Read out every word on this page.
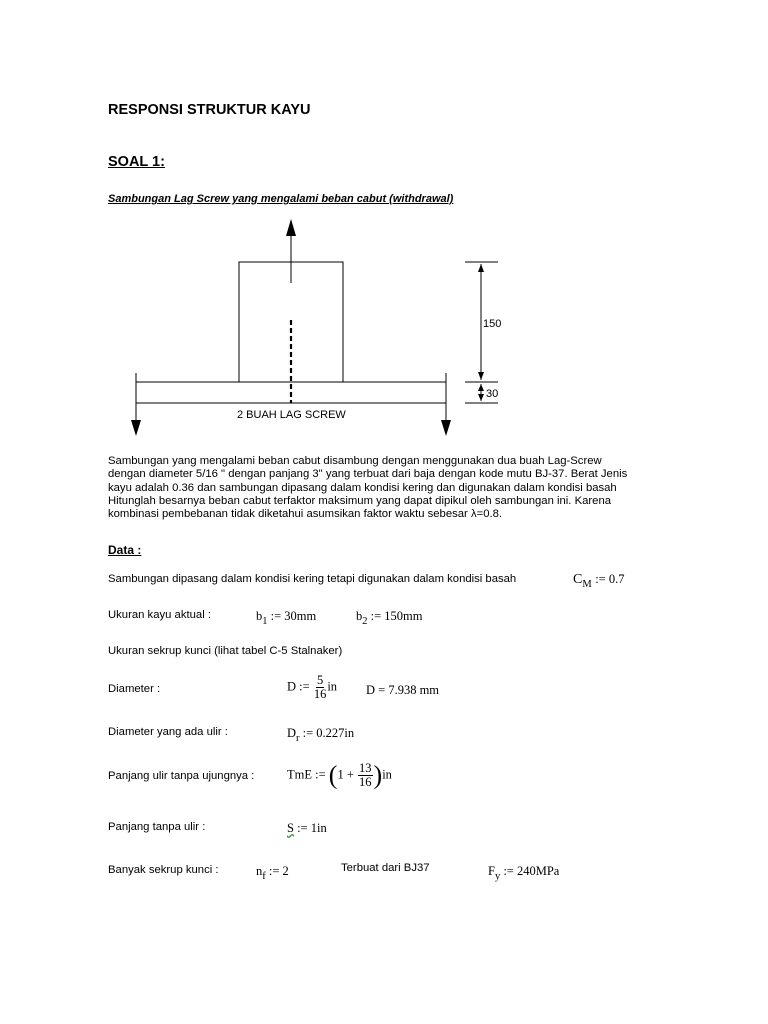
RESPONSI STRUKTUR KAYU
SOAL 1:
Sambungan Lag Screw yang mengalami beban cabut (withdrawal)
150
30
2 BUAH LAG SCREW
Sambungan yang mengalami beban cabut disambung dengan menggunakan dua buah Lag-Screw
dengan diameter 5/16 " dengan panjang 3" yang terbuat dari baja dengan kode mutu BJ-37. Berat Jenis
kayu adalah 0.36 dan sambungan dipasang dalam kondisi kering dan digunakan dalam kondisi basah
Hitunglah besarnya beban cabut terfaktor maksimum yang dapat dipikul oleh sambungan ini. Karena
kombinasi pembebanan tidak diketahui asumsikan faktor waktu sebesar λ=0.8.
Data :
Sambungan dipasang dalam kondisi kering tetapi digunakan dalam kondisi basah	$C_M$ := 0.7
Ukuran kayu aktual :	$b_1$ := 30mm	$b_2$ := 150mm
Ukuran sekrup kunci (lihat tabel C-5 Stalnaker)
Diameter :	D := $\frac{5}{16}$ in D = 7.938 mm
Diameter yang ada ulir :	$D_r$ := 0.227in
Panjang ulir tanpa ujungnya :	TmE := $(1 + \frac{13}{16} )in$
Panjang tanpa ulir :	S := 1in
Banyak sekrup kunci :	$n_f$ := 2	Terbuat dari BJ37	$F_y$ := 240MPa
